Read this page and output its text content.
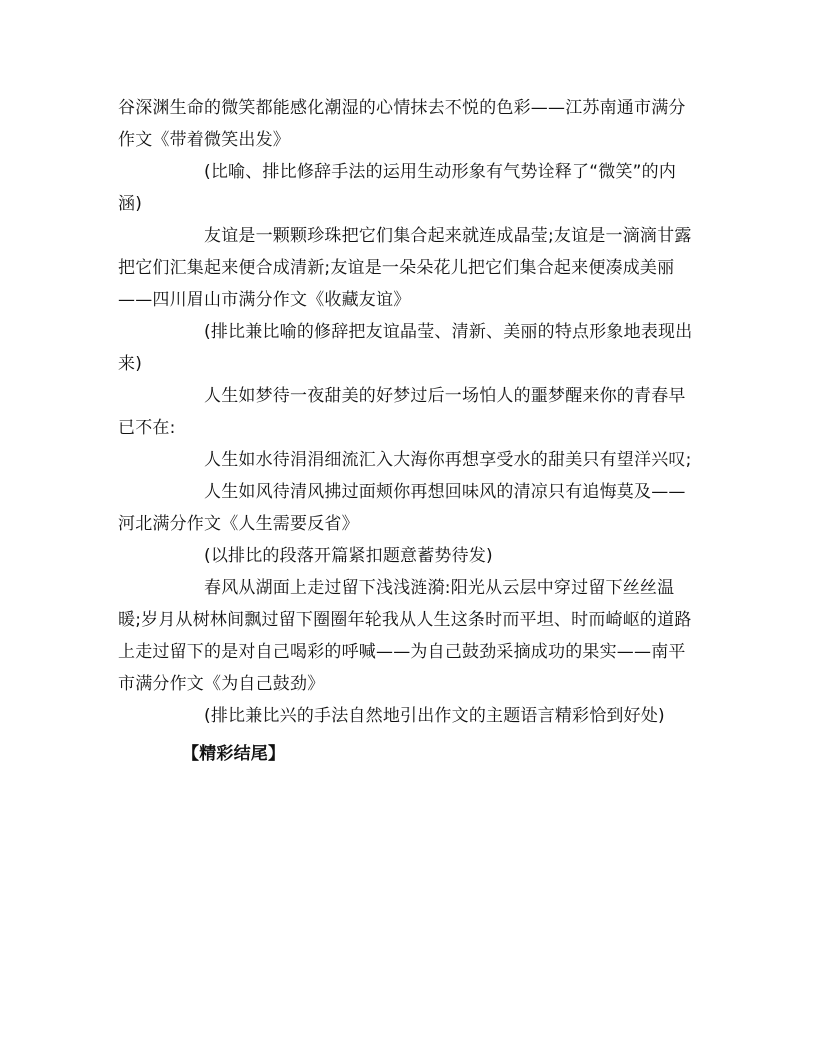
谷深渊生命的微笑都能感化潮湿的心情抹去不悦的色彩——江苏南通市满分作文《带着微笑出发》

(比喻、排比修辞手法的运用生动形象有气势诠释了“微笑”的内涵)

友谊是一颗颗珍珠把它们集合起来就连成晶莹;友谊是一滴滴甘露把它们汇集起来便合成清新;友谊是一朵朵花儿把它们集合起来便凑成美丽——四川眉山市满分作文《收藏友谊》

(排比兼比喻的修辞把友谊晶莹、清新、美丽的特点形象地表现出来)

人生如梦待一夜甜美的好梦过后一场怕人的噩梦醒来你的青春早已不在:

人生如水待涓涓细流汇入大海你再想享受水的甜美只有望洋兴叹;

人生如风待清风拂过面颊你再想回味风的清凉只有追悔莫及——河北满分作文《人生需要反省》

(以排比的段落开篇紧扣题意蓄势待发)

春风从湖面上走过留下浅浅涟漪:阳光从云层中穿过留下丝丝温暖;岁月从树林间飘过留下圈圈年轮我从人生这条时而平坦、时而崎岖的道路上走过留下的是对自己喝彩的呼喊——为自己鼓劲采摘成功的果实——南平市满分作文《为自己鼓劲》

(排比兼比兴的手法自然地引出作文的主题语言精彩恰到好处)

【精彩结尾】
